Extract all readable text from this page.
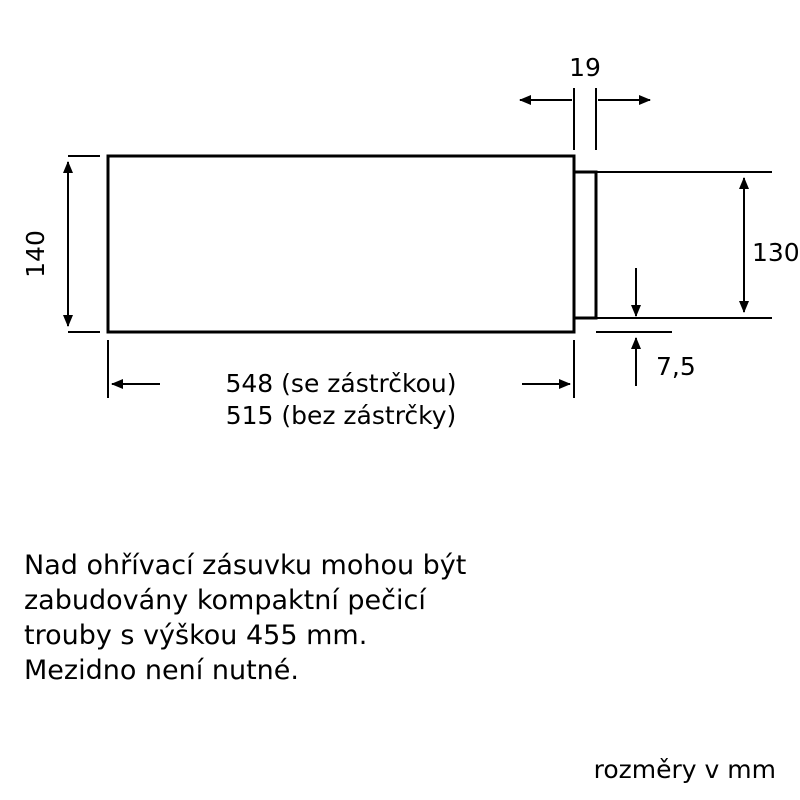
140	130
19
7,5
548 (se zástrčkou)
515 (bez zástrčky)
Nad ohřívací zásuvku mohou být
zabudovány kompaktní pečicí
trouby s výškou 455 mm.
Mezidno není nutné.
rozměry v mm
